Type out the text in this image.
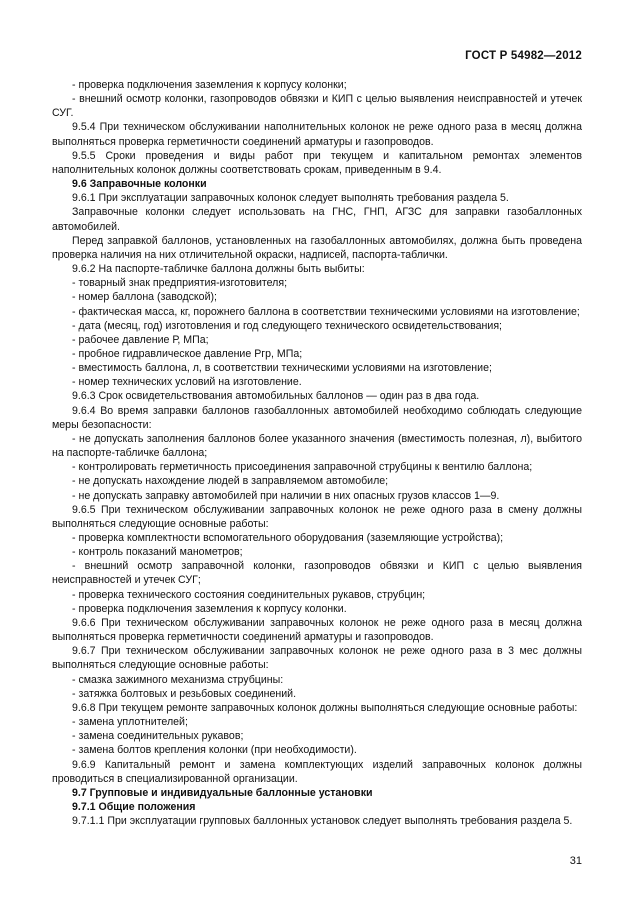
ГОСТ Р 54982—2012

- проверка подключения заземления к корпусу колонки;

- внешний осмотр колонки, газопроводов обвязки и КИП с целью выявления неисправностей и утечек СУГ.

9.5.4 При техническом обслуживании наполнительных колонок не реже одного раза в месяц должна выполняться проверка герметичности соединений арматуры и газопроводов.

9.5.5 Сроки проведения и виды работ при текущем и капитальном ремонтах элементов наполнительных колонок должны соответствовать срокам, приведенным в 9.4.

9.6 Заправочные колонки

9.6.1 При эксплуатации заправочных колонок следует выполнять требования раздела 5.

Заправочные колонки следует использовать на ГНС, ГНП, АГЗС для заправки газобаллонных автомобилей.

Перед заправкой баллонов, установленных на газобаллонных автомобилях, должна быть проведена проверка наличия на них отличительной окраски, надписей, паспорта-таблички.

9.6.2 На паспорте-табличке баллона должны быть выбиты:

- товарный знак предприятия-изготовителя;

- номер баллона (заводской);

- фактическая масса, кг, порожнего баллона в соответствии техническими условиями на изготовление;

- дата (месяц, год) изготовления и год следующего технического освидетельствования;

- рабочее давление Р, МПа;

- пробное гидравлическое давление Ргр, МПа;

- вместимость баллона, л, в соответствии техническими условиями на изготовление;

- номер технических условий на изготовление.

9.6.3 Срок освидетельствования автомобильных баллонов — один раз в два года.

9.6.4 Во время заправки баллонов газобаллонных автомобилей необходимо соблюдать следующие меры безопасности:

- не допускать заполнения баллонов более указанного значения (вместимость полезная, л), выбитого на паспорте-табличке баллона;

- контролировать герметичность присоединения заправочной струбцины к вентилю баллона;

- не допускать нахождение людей в заправляемом автомобиле;

- не допускать заправку автомобилей при наличии в них опасных грузов классов 1—9.

9.6.5 При техническом обслуживании заправочных колонок не реже одного раза в смену должны выполняться следующие основные работы:

- проверка комплектности вспомогательного оборудования (заземляющие устройства);

- контроль показаний манометров;

- внешний осмотр заправочной колонки, газопроводов обвязки и КИП с целью выявления неисправностей и утечек СУГ;

- проверка технического состояния соединительных рукавов, струбцин;

- проверка подключения заземления к корпусу колонки.

9.6.6 При техническом обслуживании заправочных колонок не реже одного раза в месяц должна выполняться проверка герметичности соединений арматуры и газопроводов.

9.6.7 При техническом обслуживании заправочных колонок не реже одного раза в 3 мес должны выполняться следующие основные работы:

- смазка зажимного механизма струбцины:

- затяжка болтовых и резьбовых соединений.

9.6.8 При текущем ремонте заправочных колонок должны выполняться следующие основные работы:

- замена уплотнителей;

- замена соединительных рукавов;

- замена болтов крепления колонки (при необходимости).

9.6.9 Капитальный ремонт и замена комплектующих изделий заправочных колонок должны проводиться в специализированной организации.

9.7 Групповые и индивидуальные баллонные установки

9.7.1 Общие положения

9.7.1.1 При эксплуатации групповых баллонных установок следует выполнять требования раздела 5.

31
